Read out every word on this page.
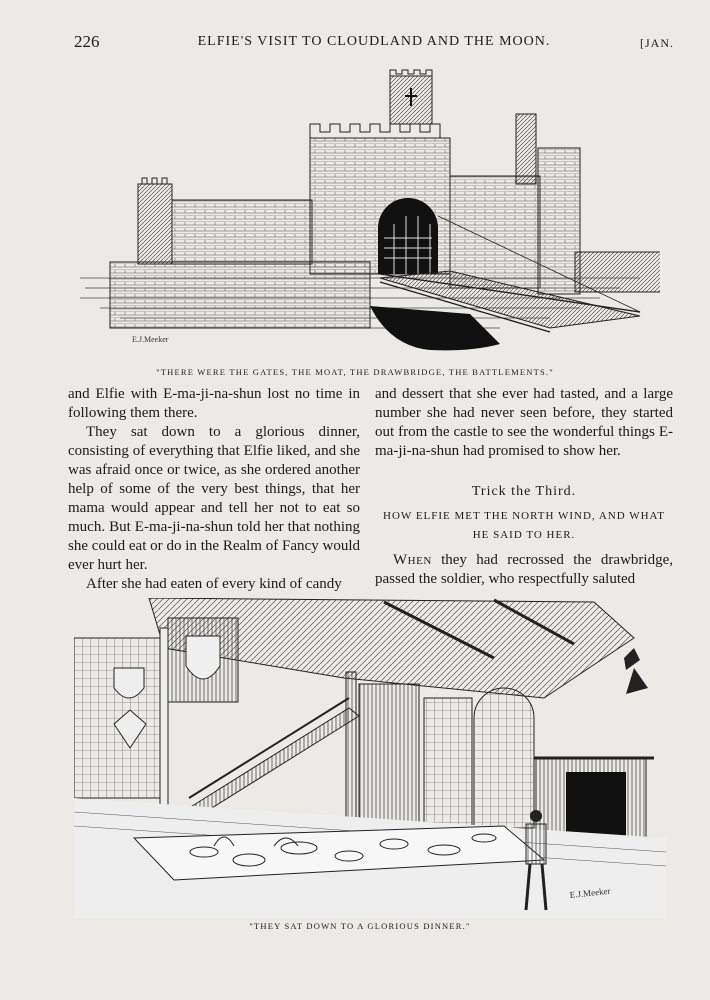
226	ELFIE'S VISIT TO CLOUDLAND AND THE MOON.	[JAN.
E.J.Meeker
"THERE WERE THE GATES, THE MOAT, THE DRAWBRIDGE, THE BATTLEMENTS."

and Elfie with E-ma-ji-na-shun lost no time in following them there.

They sat down to a glorious dinner, consisting of everything that Elfie liked, and she was afraid once or twice, as she ordered another help of some of the very best things, that her mama would appear and tell her not to eat so much. But E-ma-ji-na-shun told her that nothing she could eat or do in the Realm of Fancy would ever hurt her.

After she had eaten of every kind of candy

and dessert that she ever had tasted, and a large number she had never seen before, they started out from the castle to see the wonderful things E-ma-ji-na-shun had promised to show her.

Trick the Third.
HOW ELFIE MET THE NORTH WIND, AND WHAT HE SAID TO HER.

When they had recrossed the drawbridge, passed the soldier, who respectfully saluted

E.J.Meeker
"THEY SAT DOWN TO A GLORIOUS DINNER."
